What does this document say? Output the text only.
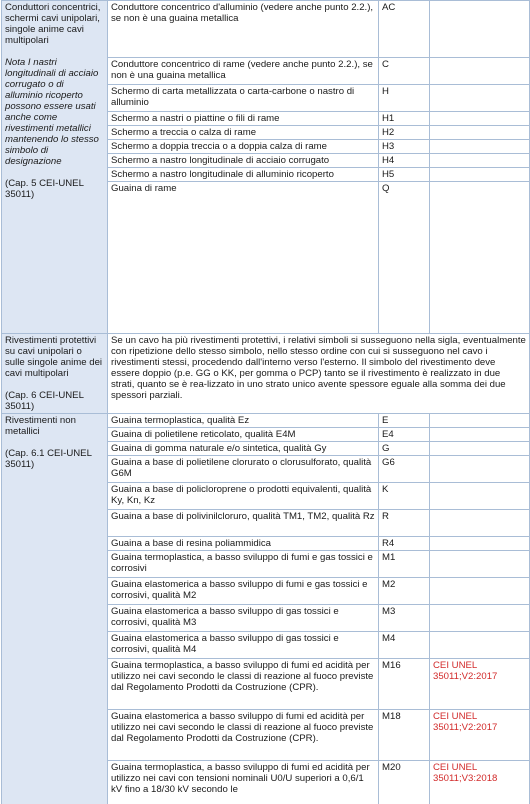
Conduttori concentrici, schermi cavi unipolari, singole anime cavi multipolari

Nota I nastri longitudinali di acciaio corrugato o di alluminio ricoperto possono essere usati anche come rivestimenti metallici mantenendo lo stesso simbolo di designazione

(Cap. 5 CEI-UNEL 35011)	Conduttore concentrico d'alluminio (vedere anche punto 2.2.), se non è una guaina metallica	AC	
	Conduttore concentrico di rame (vedere anche punto 2.2.), se non è una guaina metallica	C	
	Schermo di carta metallizzata o carta-carbone o nastro di alluminio	H	
	Schermo a nastri o piattine o fili di rame	H1	
	Schermo a treccia o calza di rame	H2	
	Schermo a doppia treccia o a doppia calza di rame	H3	
	Schermo a nastro longitudinale di acciaio corrugato	H4	
	Schermo a nastro longitudinale di alluminio ricoperto	H5	
	Guaina di rame	Q	

Rivestimenti protettivi su cavi unipolari o sulle singole anime dei cavi multipolari

(Cap. 6 CEI-UNEL 35011)	Se un cavo ha più rivestimenti protettivi, i relativi simboli si susseguono nella sigla, eventualmente con ripetizione dello stesso simbolo, nello stesso ordine con cui si susseguono nel cavo i rivestimenti stessi, procedendo dall'interno verso l'esterno. Il simbolo del rivestimento deve essere doppio (p.e. GG o KK, per gomma o PCP) tanto se il rivestimento è realizzato in due strati, quanto se è rea-lizzato in uno strato unico avente spessore eguale alla somma dei due spessori parziali.		

Rivestimenti non metallici

(Cap. 6.1 CEI-UNEL 35011)	Guaina termoplastica, qualità Ez	E	
	Guaina di polietilene reticolato, qualità E4M	E4	
	Guaina di gomma naturale e/o sintetica, qualità Gy	G	
	Guaina a base di polietilene clorurato o clorusulforato, qualità G6M	G6	
	Guaina a base di policloroprene o prodotti equivalenti, qualità Ky, Kn, Kz	K	
	Guaina a base di polivinilcloruro, qualità TM1, TM2, qualità Rz	R	
	Guaina a base di resina poliammidica	R4	
	Guaina termoplastica, a basso sviluppo di fumi e gas tossici e corrosivi	M1	
	Guaina elastomerica a basso sviluppo di fumi e gas tossici e corrosivi, qualità M2	M2	
	Guaina elastomerica a basso sviluppo di gas tossici e corrosivi, qualità M3	M3	
	Guaina elastomerica a basso sviluppo di gas tossici e corrosivi, qualità M4	M4	
	Guaina termoplastica, a basso sviluppo di fumi ed acidità per utilizzo nei cavi secondo le classi di reazione al fuoco previste dal Regolamento Prodotti da Costruzione (CPR).	M16	CEI UNEL 35011;V2:2017
	Guaina elastomerica a basso sviluppo di fumi ed acidità per utilizzo nei cavi secondo le classi di reazione al fuoco previste dal Regolamento Prodotti da Costruzione (CPR).	M18	CEI UNEL 35011;V2:2017
	Guaina termoplastica, a basso sviluppo di fumi ed acidità per utilizzo nei cavi con tensioni nominali U0/U superiori a 0,6/1 kV fino a 18/30 kV secondo le	M20	CEI UNEL 35011;V3:2018
